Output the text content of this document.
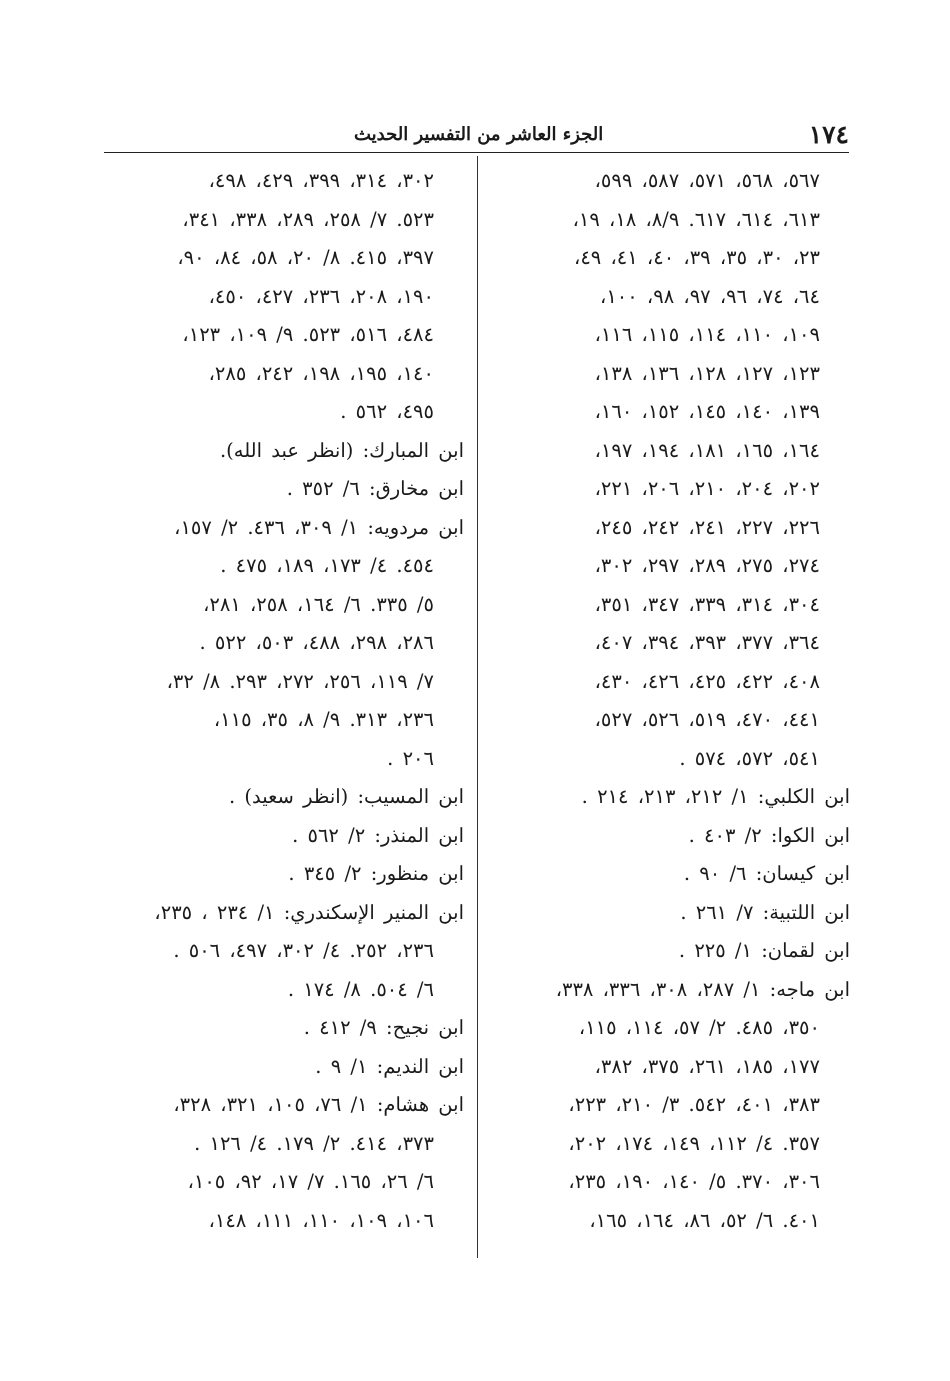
١٧٤
الجزء العاشر من التفسير الحديث
٥٦٧، ٥٦٨، ٥٧١، ٥٨٧، ٥٩٩،
٦١٣، ٦١٤، ٦١٧. ٨/٩، ١٨، ١٩،
٢٣، ٣٠، ٣٥، ٣٩، ٤٠، ٤١، ٤٩،
٦٤، ٧٤، ٩٦، ٩٧، ٩٨، ١٠٠،
١٠٩، ١١٠، ١١٤، ١١٥، ١١٦،
١٢٣، ١٢٧، ١٢٨، ١٣٦، ١٣٨،
١٣٩، ١٤٠، ١٤٥، ١٥٢، ١٦٠،
١٦٤، ١٦٥، ١٨١، ١٩٤، ١٩٧،
٢٠٢، ٢٠٤، ٢١٠، ٢٠٦، ٢٢١،
٢٢٦، ٢٢٧، ٢٤١، ٢٤٢، ٢٤٥،
٢٧٤، ٢٧٥، ٢٨٩، ٢٩٧، ٣٠٢،
٣٠٤، ٣١٤، ٣٣٩، ٣٤٧، ٣٥١،
٣٦٤، ٣٧٧، ٣٩٣، ٣٩٤، ٤٠٧،
٤٠٨، ٤٢٢، ٤٢٥، ٤٢٦، ٤٣٠،
٤٤١، ٤٧٠، ٥١٩، ٥٢٦، ٥٢٧،
٥٤١، ٥٧٢، ٥٧٤ .
ابن الكلبي: ١/ ٢١٢، ٢١٣، ٢١٤ .
ابن الكوا: ٢/ ٤٠٣ .
ابن كيسان: ٦/ ٩٠ .
ابن اللتبية: ٧/ ٢٦١ .
ابن لقمان: ١/ ٢٢٥ .
ابن ماجه: ١/ ٢٨٧، ٣٠٨، ٣٣٦، ٣٣٨،
٣٥٠، ٤٨٥. ٢/ ٥٧، ١١٤، ١١٥،
١٧٧، ١٨٥، ٢٦١، ٣٧٥، ٣٨٢،
٣٨٣، ٤٠١، ٥٤٢. ٣/ ٢١٠، ٢٢٣،
٣٥٧. ٤/ ١١٢، ١٤٩، ١٧٤، ٢٠٢،
٣٠٦، ٣٧٠. ٥/ ١٤٠، ١٩٠، ٢٣٥،
٤٠١. ٦/ ٥٢، ٨٦، ١٦٤، ١٦٥،
٣٠٢، ٣١٤، ٣٩٩، ٤٢٩، ٤٩٨،
٥٢٣. ٧/ ٢٥٨، ٢٨٩، ٣٣٨، ٣٤١،
٣٩٧، ٤١٥. ٨/ ٢٠، ٥٨، ٨٤، ٩٠،
١٩٠، ٢٠٨، ٢٣٦، ٤٢٧، ٤٥٠،
٤٨٤، ٥١٦، ٥٢٣. ٩/ ١٠٩، ١٢٣،
١٤٠، ١٩٥، ١٩٨، ٢٤٢، ٢٨٥،
٤٩٥، ٥٦٢ .
ابن المبارك: (انظر عبد الله).
ابن مخارق: ٦/ ٣٥٢ .
ابن مردويه: ١/ ٣٠٩، ٤٣٦. ٢/ ١٥٧،
٤٥٤. ٤/ ١٧٣، ١٨٩، ٤٧٥ .
٥/ ٣٣٥. ٦/ ١٦٤، ٢٥٨، ٢٨١،
٢٨٦، ٢٩٨، ٤٨٨، ٥٠٣، ٥٢٢ .
٧/ ١١٩، ٢٥٦، ٢٧٢، ٢٩٣. ٨/ ٣٢،
٢٣٦، ٣١٣. ٩/ ٨، ٣٥، ١١٥،
٢٠٦ .
ابن المسيب: (انظر سعيد) .
ابن المنذر: ٢/ ٥٦٢ .
ابن منظور: ٢/ ٣٤٥ .
ابن المنير الإسكندري: ١/ ٢٣٤ ، ٢٣٥،
٢٣٦، ٢٥٢. ٤/ ٣٠٢، ٤٩٧، ٥٠٦ .
٦/ ٥٠٤. ٨/ ١٧٤ .
ابن نجيح: ٩/ ٤١٢ .
ابن النديم: ١/ ٩ .
ابن هشام: ١/ ٧٦، ١٠٥، ٣٢١، ٣٢٨،
٣٧٣، ٤١٤. ٢/ ١٧٩. ٤/ ١٢٦ .
٦/ ٢٦، ١٦٥. ٧/ ١٧، ٩٢، ١٠٥،
١٠٦، ١٠٩، ١١٠، ١١١، ١٤٨،
